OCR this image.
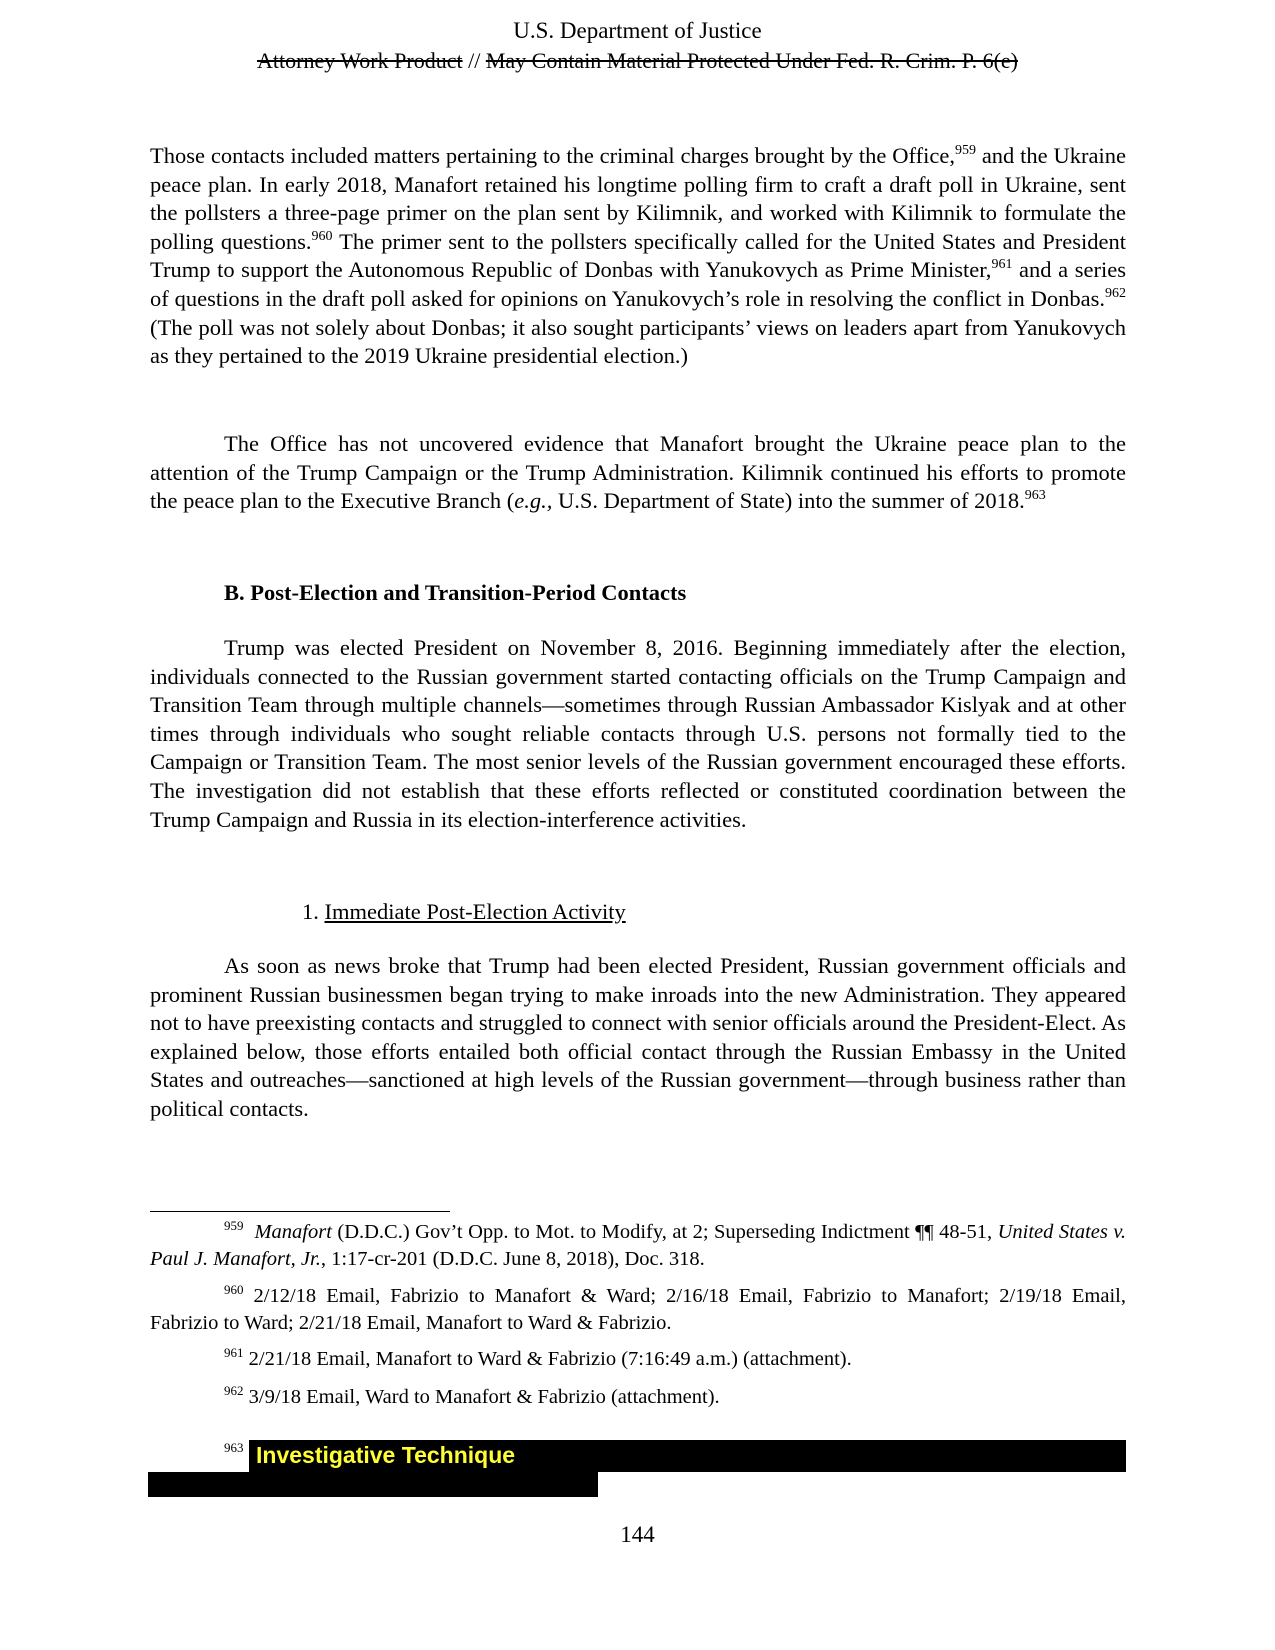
U.S. Department of Justice
Attorney Work Product // May Contain Material Protected Under Fed. R. Crim. P. 6(e)

Those contacts included matters pertaining to the criminal charges brought by the Office,$^{959}$ and the Ukraine peace plan. In early 2018, Manafort retained his longtime polling firm to craft a draft poll in Ukraine, sent the pollsters a three-page primer on the plan sent by Kilimnik, and worked with Kilimnik to formulate the polling questions.$^{960}$ The primer sent to the pollsters specifically called for the United States and President Trump to support the Autonomous Republic of Donbas with Yanukovych as Prime Minister,$^{961}$ and a series of questions in the draft poll asked for opinions on Yanukovych’s role in resolving the conflict in Donbas.$^{962}$ (The poll was not solely about Donbas; it also sought participants’ views on leaders apart from Yanukovych as they pertained to the 2019 Ukraine presidential election.)

The Office has not uncovered evidence that Manafort brought the Ukraine peace plan to the attention of the Trump Campaign or the Trump Administration. Kilimnik continued his efforts to promote the peace plan to the Executive Branch (e.g., U.S. Department of State) into the summer of 2018.$^{963}$

B. Post-Election and Transition-Period Contacts

Trump was elected President on November 8, 2016. Beginning immediately after the election, individuals connected to the Russian government started contacting officials on the Trump Campaign and Transition Team through multiple channels—sometimes through Russian Ambassador Kislyak and at other times through individuals who sought reliable contacts through U.S. persons not formally tied to the Campaign or Transition Team. The most senior levels of the Russian government encouraged these efforts. The investigation did not establish that these efforts reflected or constituted coordination between the Trump Campaign and Russia in its election-interference activities.

1. Immediate Post-Election Activity

As soon as news broke that Trump had been elected President, Russian government officials and prominent Russian businessmen began trying to make inroads into the new Administration. They appeared not to have preexisting contacts and struggled to connect with senior officials around the President-Elect. As explained below, those efforts entailed both official contact through the Russian Embassy in the United States and outreaches—sanctioned at high levels of the Russian government—through business rather than political contacts.

$^{959}$ Manafort (D.D.C.) Gov’t Opp. to Mot. to Modify, at 2; Superseding Indictment ¶¶ 48-51, United States v. Paul J. Manafort, Jr., 1:17-cr-201 (D.D.C. June 8, 2018), Doc. 318.

$^{960}$ 2/12/18 Email, Fabrizio to Manafort & Ward; 2/16/18 Email, Fabrizio to Manafort; 2/19/18 Email, Fabrizio to Ward; 2/21/18 Email, Manafort to Ward & Fabrizio.

$^{961}$ 2/21/18 Email, Manafort to Ward & Fabrizio (7:16:49 a.m.) (attachment).

$^{962}$ 3/9/18 Email, Ward to Manafort & Fabrizio (attachment).

963 Investigative Technique
144
